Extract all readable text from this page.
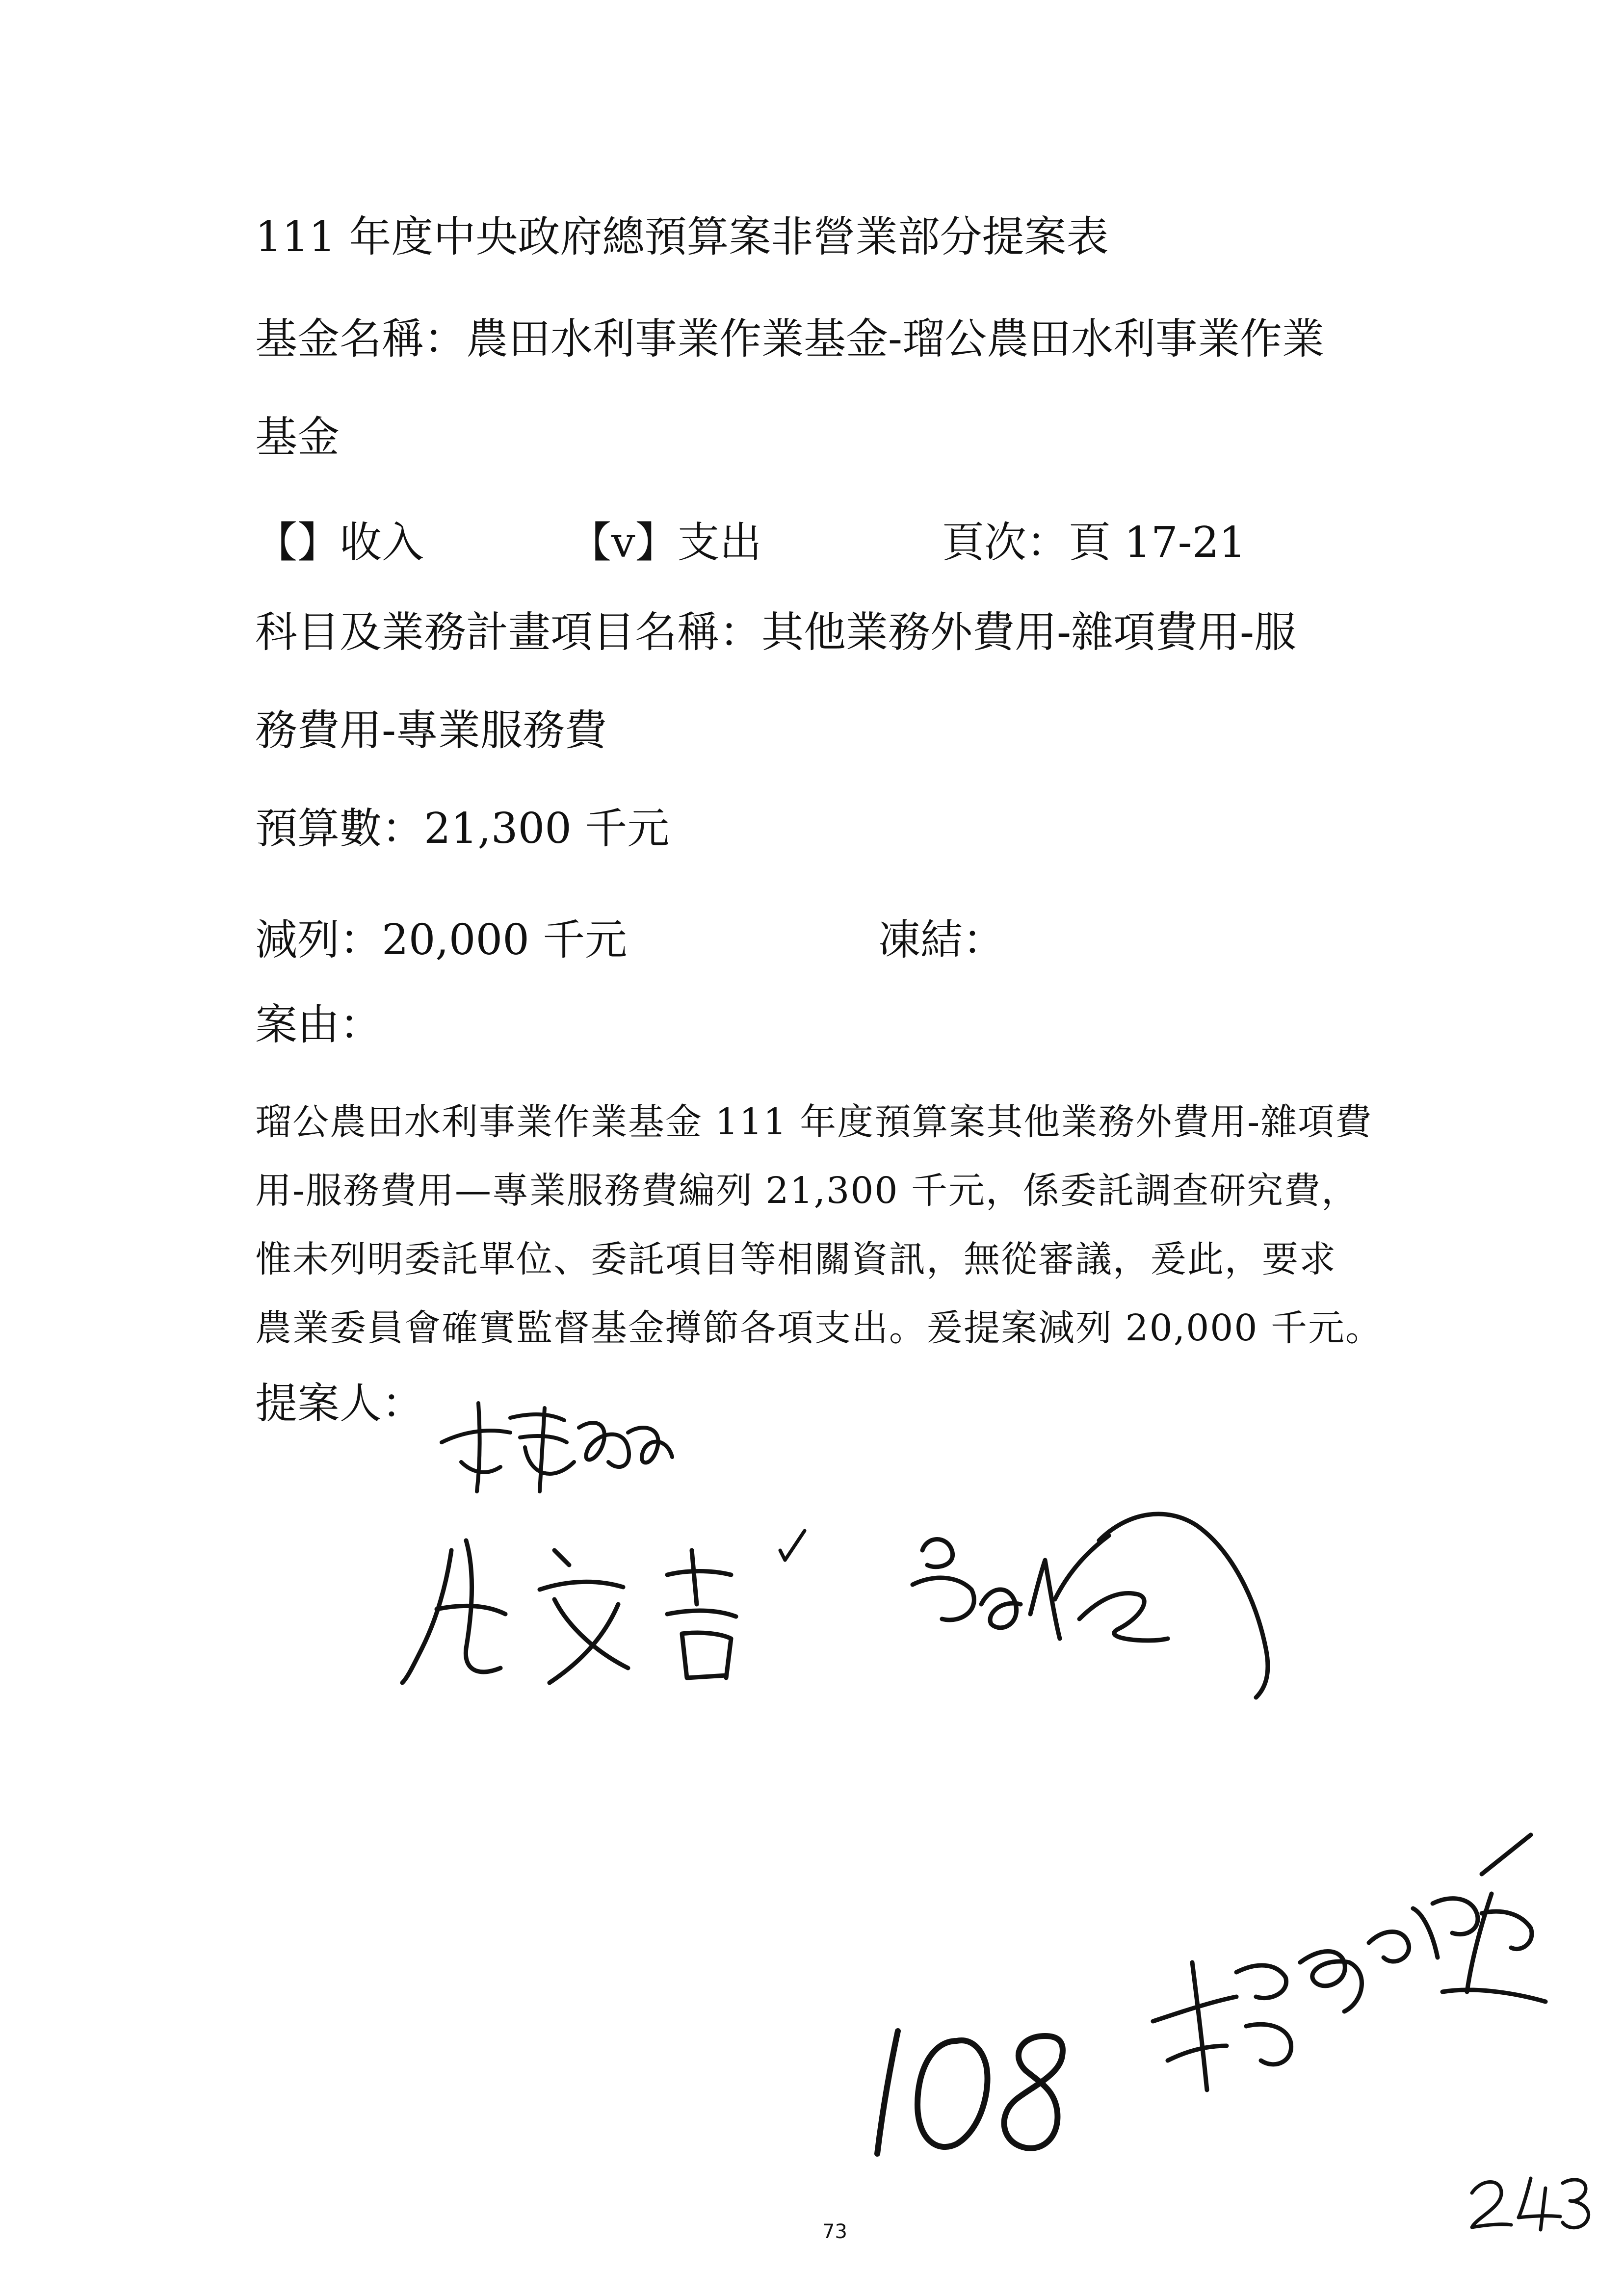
111 年度中央政府總預算案非營業部分提案表
基金名稱：農田水利事業作業基金-瑠公農田水利事業作業
基金
【】收入	【v】支出	頁次：頁 17-21
科目及業務計畫項目名稱：其他業務外費用-雜項費用-服
務費用-專業服務費
預算數：21,300 千元
減列：20,000 千元	凍結：
案由：
瑠公農田水利事業作業基金 111 年度預算案其他業務外費用-雜項費
用-服務費用—專業服務費編列 21,300 千元，係委託調查研究費，
惟未列明委託單位、委託項目等相關資訊，無從審議，爰此，要求
農業委員會確實監督基金撙節各項支出。爰提案減列 20,000 千元。
提案人：
73
